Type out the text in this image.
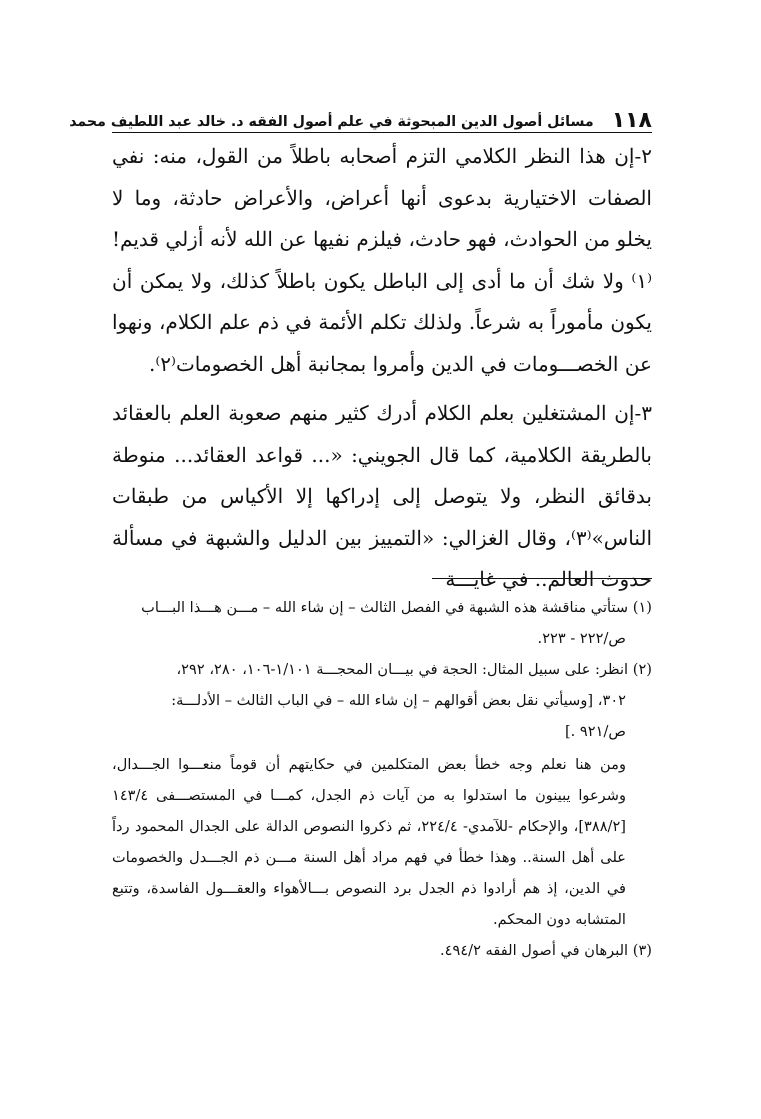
١١٨
مسائل أصول الدين المبحوثة في علم أصول الفقه د. خالد عبد اللطيف محمد

٢-إن هذا النظر الكلامي التزم أصحابه باطلاً من القول، منه: نفي الصفات الاختيارية بدعوى أنها أعراض، والأعراض حادثة، وما لا يخلو من الحوادث، فهو حادث، فيلزم نفيها عن الله لأنه أزلي قديم!⁽١⁾ ولا شك أن ما أدى إلى الباطل يكون باطلاً كذلك، ولا يمكن أن يكون مأموراً به شرعاً. ولذلك تكلم الأئمة في ذم علم الكلام، ونهوا عن الخصـــومات في الدين وأمروا بمجانبة أهل الخصومات⁽٢⁾.

٣-إن المشتغلين بعلم الكلام أدرك كثير منهم صعوبة العلم بالعقائد بالطريقة الكلامية، كما قال الجويني: «... قواعد العقائد... منوطة بدقائق النظر، ولا يتوصل إلى إدراكها إلا الأكياس من طبقات الناس»⁽٣⁾، وقال الغزالي: «التمييز بين الدليل والشبهة في مسألة حدوث العالم.. في غايـــة

(١) ستأتي مناقشة هذه الشبهة في الفصل الثالث – إن شاء الله – مـــن هـــذا البـــاب

ص/٢٢٢ - ٢٢٣.

(٢) انظر: على سبيل المثال: الحجة في بيـــان المحجـــة ١/١٠١-١٠٦، ٢٨٠، ٢٩٢،

٣٠٢، [وسيأتي نقل بعض أقوالهم – إن شاء الله – في الباب الثالث – الأدلـــة:

ص/٩٢١ .]

ومن هنا نعلم وجه خطأ بعض المتكلمين في حكايتهم أن قوماً منعـــوا الجـــدال، وشرعوا يبينون ما استدلوا به من آيات ذم الجدل، كمـــا في المستصـــفى ١٤٣/٤ [٣٨٨/٢]، والإحكام -للآمدي- ٢٢٤/٤، ثم ذكروا النصوص الدالة على الجدال المحمود رداً على أهل السنة.. وهذا خطأ في فهم مراد أهل السنة مـــن ذم الجـــدل والخصومات في الدين، إذ هم أرادوا ذم الجدل برد النصوص بـــالأهواء والعقـــول الفاسدة، وتتبع المتشابه دون المحكم.

(٣) البرهان في أصول الفقه ٤٩٤/٢.
